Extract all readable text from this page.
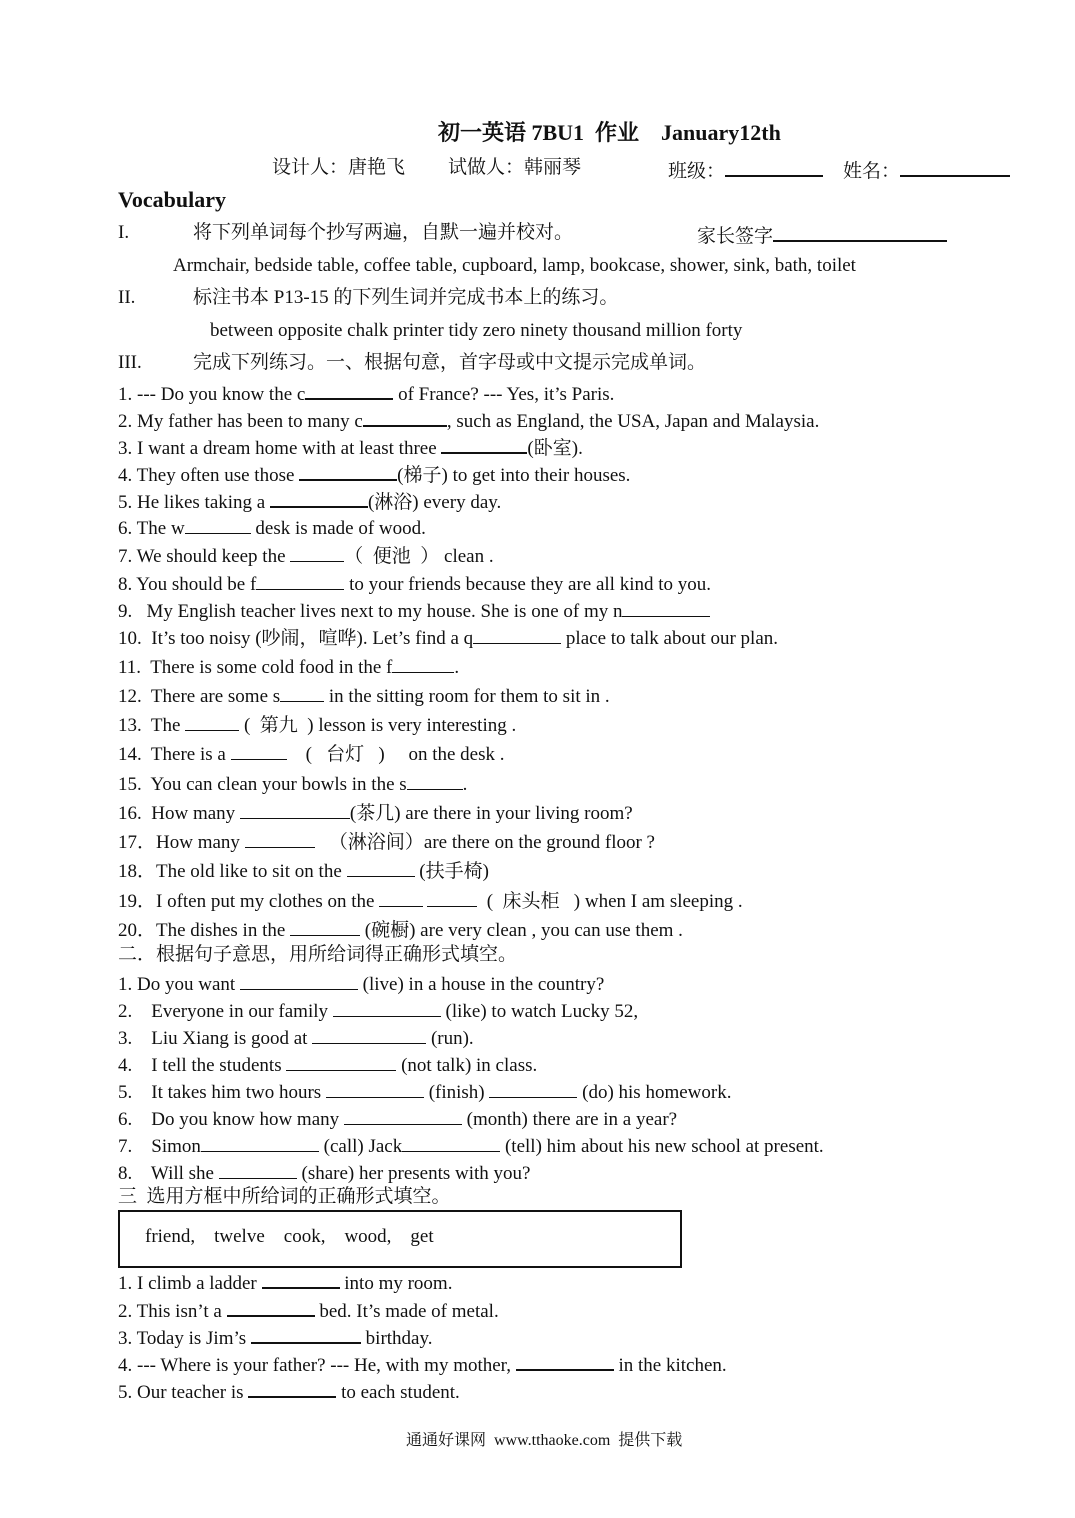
初一英语 7BU1  作业    January12th
设计人：唐艳飞 试做人：韩丽琴	班级：	姓名：
Vocabulary
I.	将下列单词每个抄写两遍，自默一遍并校对。	家长签字
Armchair, bedside table, coffee table, cupboard, lamp, bookcase, shower, sink, bath, toilet
II.	标注书本 P13-15 的下列生词并完成书本上的练习。
between opposite chalk printer tidy zero ninety thousand million forty
III.	完成下列练习。一、根据句意，首字母或中文提示完成单词。
1. --- Do you know the c	of France? --- Yes, it’s Paris.
2. My father has been to many c	, such as England, the USA, Japan and Malaysia.
3. I want a dream home with at least three	(卧室).
4. They often use those	(梯子) to get into their houses.
5. He likes taking a	(淋浴) every day.
6. The w	desk is made of wood.
7. We should keep the	（  便池  ） clean .
8. You should be f	to your friends because they are all kind to you.
9.   My English teacher lives next to my house. She is one of my n
10.  It’s too noisy (吵闹，喧哗). Let’s find a q	place to talk about our plan.
11.  There is some cold food in the f	.
12.  There are some s in the sitting room for them to sit in .
13.  The	(  第九  ) lesson is very interesting .
14.  There is a	(   台灯   )     on the desk .
15.  You can clean your bowls in the s	.
16.  How many	(茶几) are there in your living room?
17．How many	（淋浴间）are there on the ground floor ?
18．The old like to sit on the	(扶手椅)
19．I often put my clothes on the	(  床头柜   ) when I am sleeping .
20．The dishes in the	(碗橱) are very clean , you can use them .
二．根据句子意思，用所给词得正确形式填空。
1. Do you want	(live) in a house in the country?
2.    Everyone in our family	(like) to watch Lucky 52,
3.    Liu Xiang is good at	(run).
4.    I tell the students	(not talk) in class.
5.    It takes him two hours	(finish)	(do) his homework.
6.    Do you know how many	(month) there are in a year?
7.    Simon	(call) Jack	(tell) him about his new school at present.
8.    Will she	(share) her presents with you?
三  选用方框中所给词的正确形式填空。
friend,    twelve    cook,    wood,    get
1. I climb a ladder	into my room.
2. This isn’t a	bed. It’s made of metal.
3. Today is Jim’s	birthday.
4. --- Where is your father? --- He, with my mother,	in the kitchen.
5. Our teacher is	to each student.
通通好课网  www.tthaoke.com  提供下载
